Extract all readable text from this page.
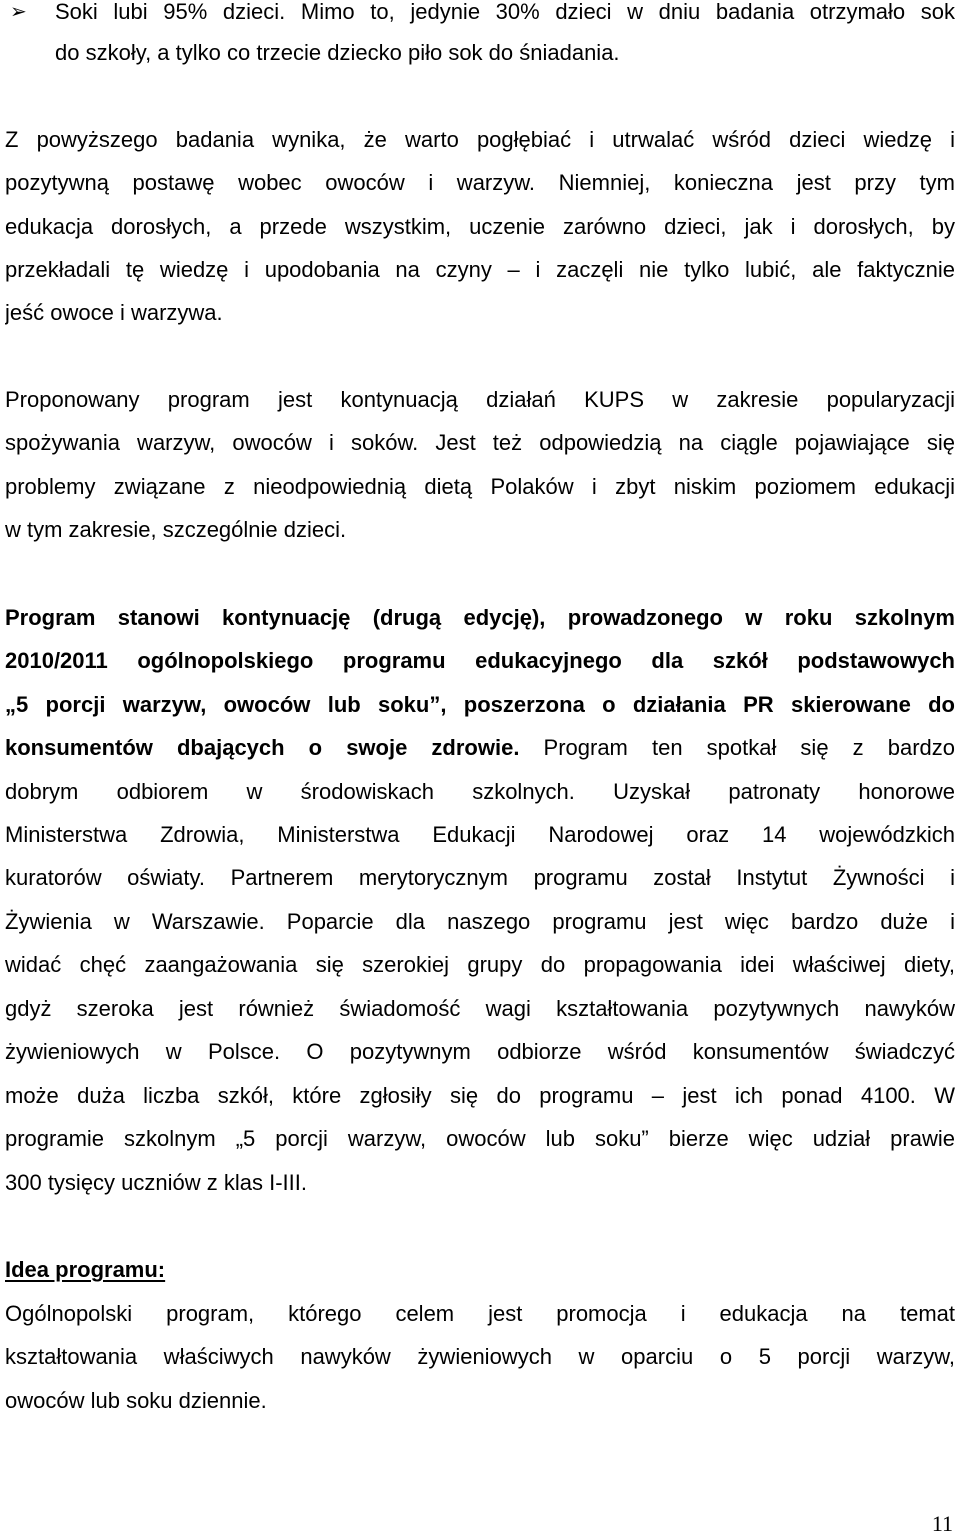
➢ Soki lubi 95% dzieci. Mimo to, jedynie 30% dzieci w dniu badania otrzymało sok
do szkoły, a tylko co trzecie dziecko piło sok do śniadania.
Z powyższego badania wynika, że warto pogłębiać i utrwalać wśród dzieci wiedzę i
pozytywną postawę wobec owoców i warzyw. Niemniej, konieczna jest przy tym
edukacja dorosłych, a przede wszystkim, uczenie zarówno dzieci, jak i dorosłych, by
przekładali tę wiedzę i upodobania na czyny – i zaczęli nie tylko lubić, ale faktycznie
jeść owoce i warzywa.
Proponowany program jest kontynuacją działań KUPS w zakresie popularyzacji
spożywania warzyw, owoców i soków. Jest też odpowiedzią na ciągle pojawiające się
problemy związane z nieodpowiednią dietą Polaków i zbyt niskim poziomem edukacji
w tym zakresie, szczególnie dzieci.
Program stanowi kontynuację (drugą edycję), prowadzonego w roku szkolnym
2010/2011 ogólnopolskiego programu edukacyjnego dla szkół podstawowych
„5 porcji warzyw, owoców lub soku”, poszerzona o działania PR skierowane do
konsumentów dbających o swoje zdrowie. Program ten spotkał się z bardzo
dobrym odbiorem w środowiskach szkolnych. Uzyskał patronaty honorowe
Ministerstwa Zdrowia, Ministerstwa Edukacji Narodowej oraz 14 wojewódzkich
kuratorów oświaty. Partnerem merytorycznym programu został Instytut Żywności i
Żywienia w Warszawie. Poparcie dla naszego programu jest więc bardzo duże i
widać chęć zaangażowania się szerokiej grupy do propagowania idei właściwej diety,
gdyż szeroka jest również świadomość wagi kształtowania pozytywnych nawyków
żywieniowych w Polsce. O pozytywnym odbiorze wśród konsumentów świadczyć
może duża liczba szkół, które zgłosiły się do programu – jest ich ponad 4100. W
programie szkolnym „5 porcji warzyw, owoców lub soku” bierze więc udział prawie
300 tysięcy uczniów z klas I-III.
Idea programu:
Ogólnopolski program, którego celem jest promocja i edukacja na temat
kształtowania właściwych nawyków żywieniowych w oparciu o 5 porcji warzyw,
owoców lub soku dziennie.
11
